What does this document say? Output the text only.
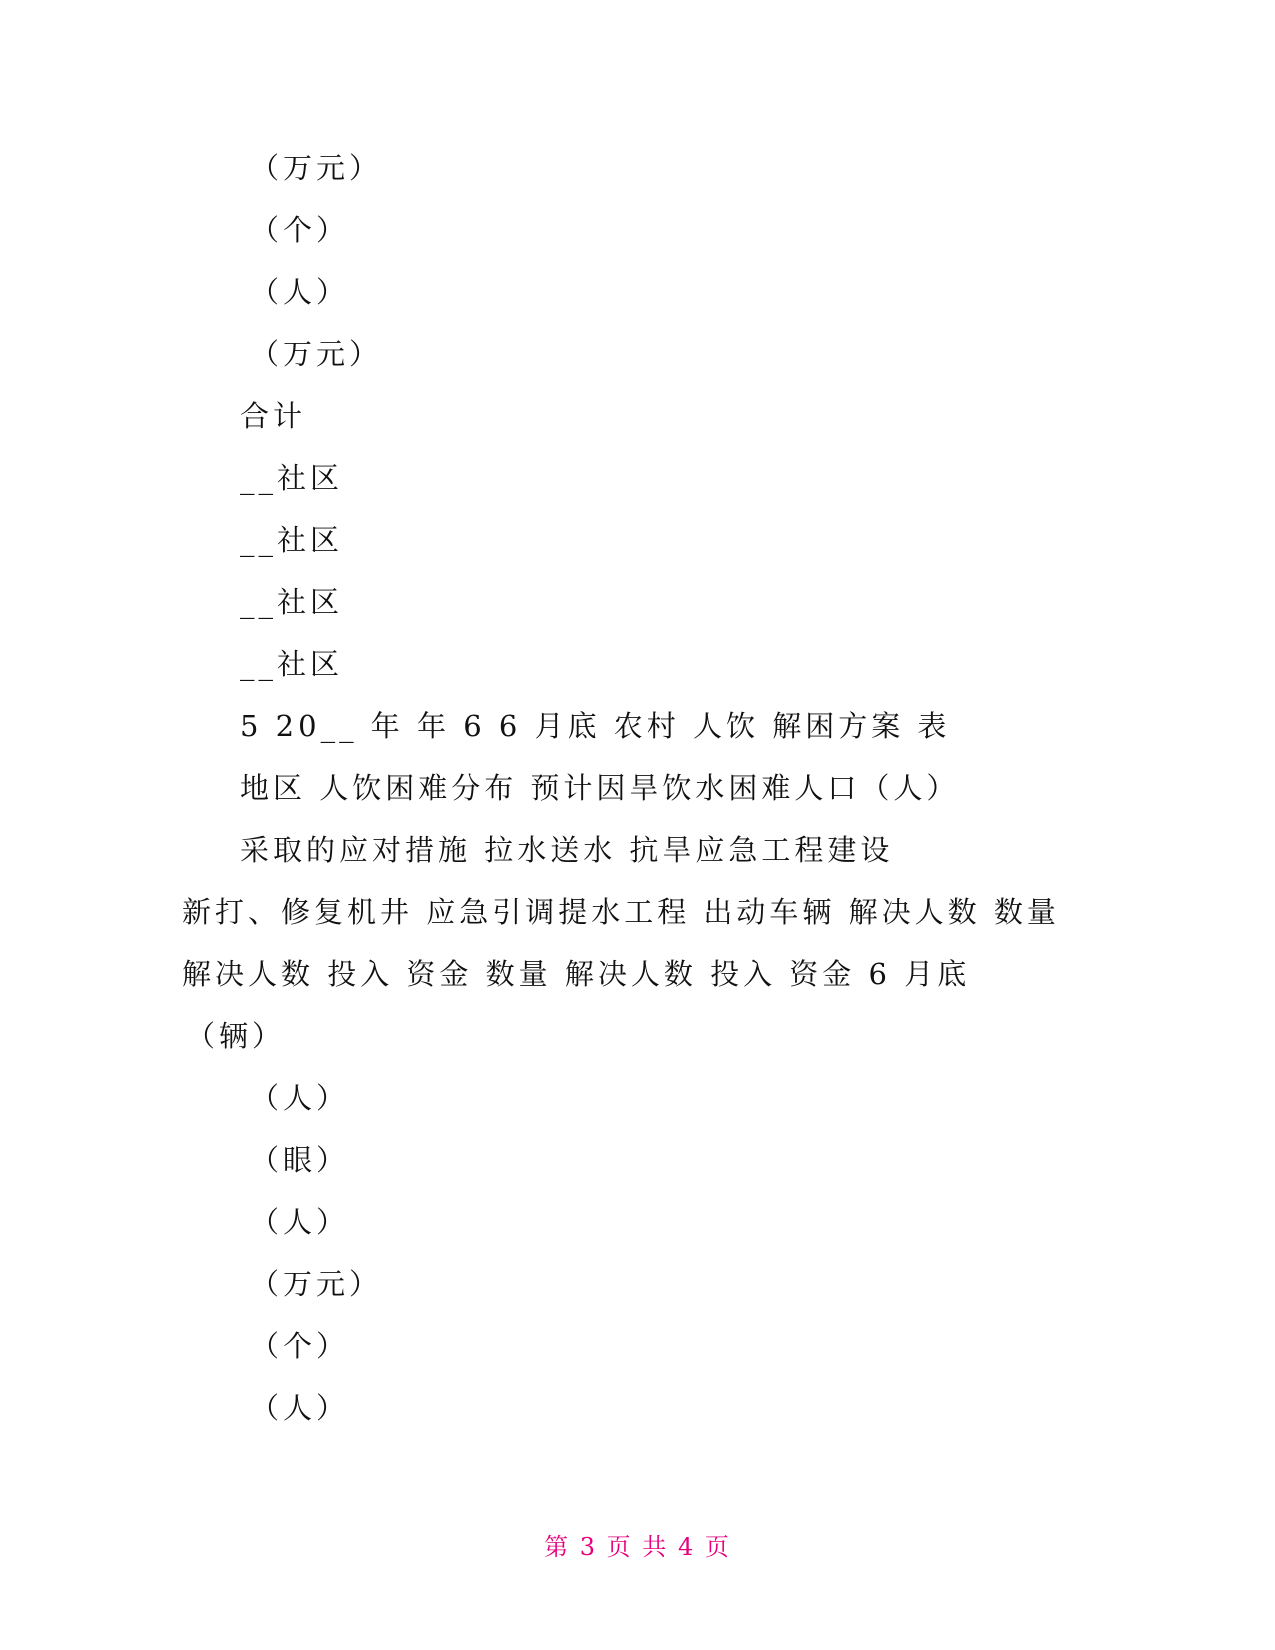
（万元）
（个）
（人）
（万元）
合计
__社区
__社区
__社区
__社区
5 20__ 年 年 6 6 月底 农村 人饮 解困方案 表
地区 人饮困难分布 预计因旱饮水困难人口（人）
采取的应对措施 拉水送水 抗旱应急工程建设
新打、修复机井 应急引调提水工程 出动车辆 解决人数 数量
解决人数 投入 资金 数量 解决人数 投入 资金 6 月底
（辆）
（人）
（眼）
（人）
（万元）
（个）
（人）
第 3 页 共 4 页
